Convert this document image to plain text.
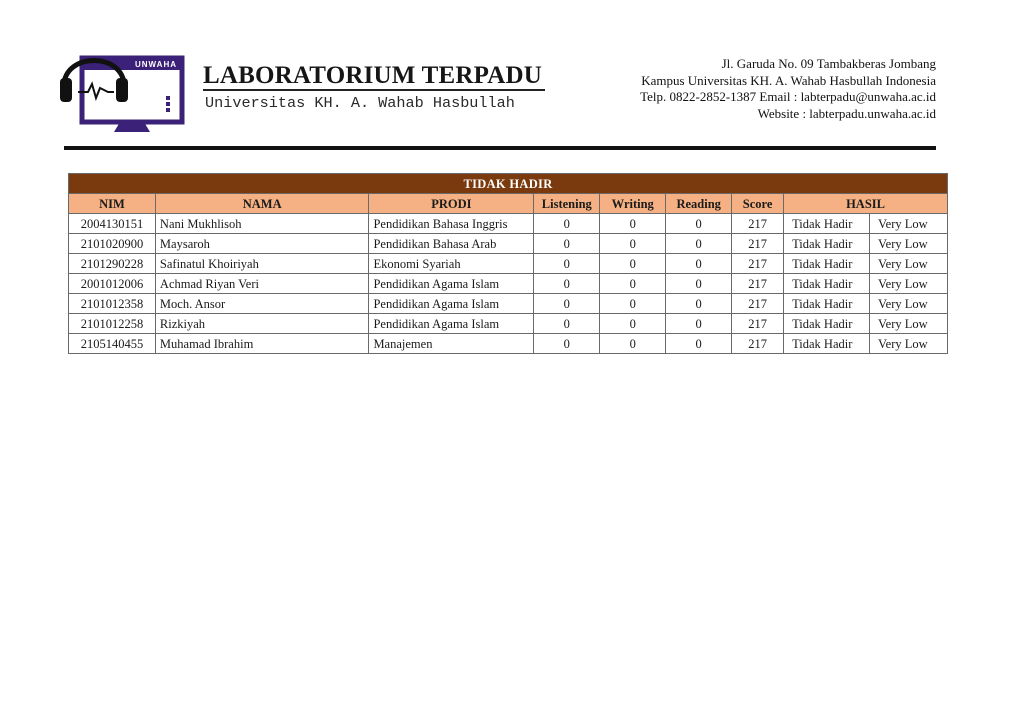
UNWAHA LABORATORIUM TERPADU
Universitas KH. A. Wahab Hasbullah
Jl. Garuda No. 09 Tambakberas Jombang
Kampus Universitas KH. A. Wahab Hasbullah Indonesia
Telp. 0822-2852-1387 Email : labterpadu@unwaha.ac.id
Website : labterpadu.unwaha.ac.id
TIDAK HADIR								
NIM	NAMA	PRODI	Listening	Writing	Reading	Score	HASIL	
2004130151	Nani Mukhlisoh	Pendidikan Bahasa Inggris	0	0	0	217	Tidak Hadir	Very Low
2101020900	Maysaroh	Pendidikan Bahasa Arab	0	0	0	217	Tidak Hadir	Very Low
2101290228	Safinatul Khoiriyah	Ekonomi Syariah	0	0	0	217	Tidak Hadir	Very Low
2001012006	Achmad Riyan Veri	Pendidikan Agama Islam	0	0	0	217	Tidak Hadir	Very Low
2101012358	Moch. Ansor	Pendidikan Agama Islam	0	0	0	217	Tidak Hadir	Very Low
2101012258	Rizkiyah	Pendidikan Agama Islam	0	0	0	217	Tidak Hadir	Very Low
2105140455	Muhamad Ibrahim	Manajemen	0	0	0	217	Tidak Hadir	Very Low
